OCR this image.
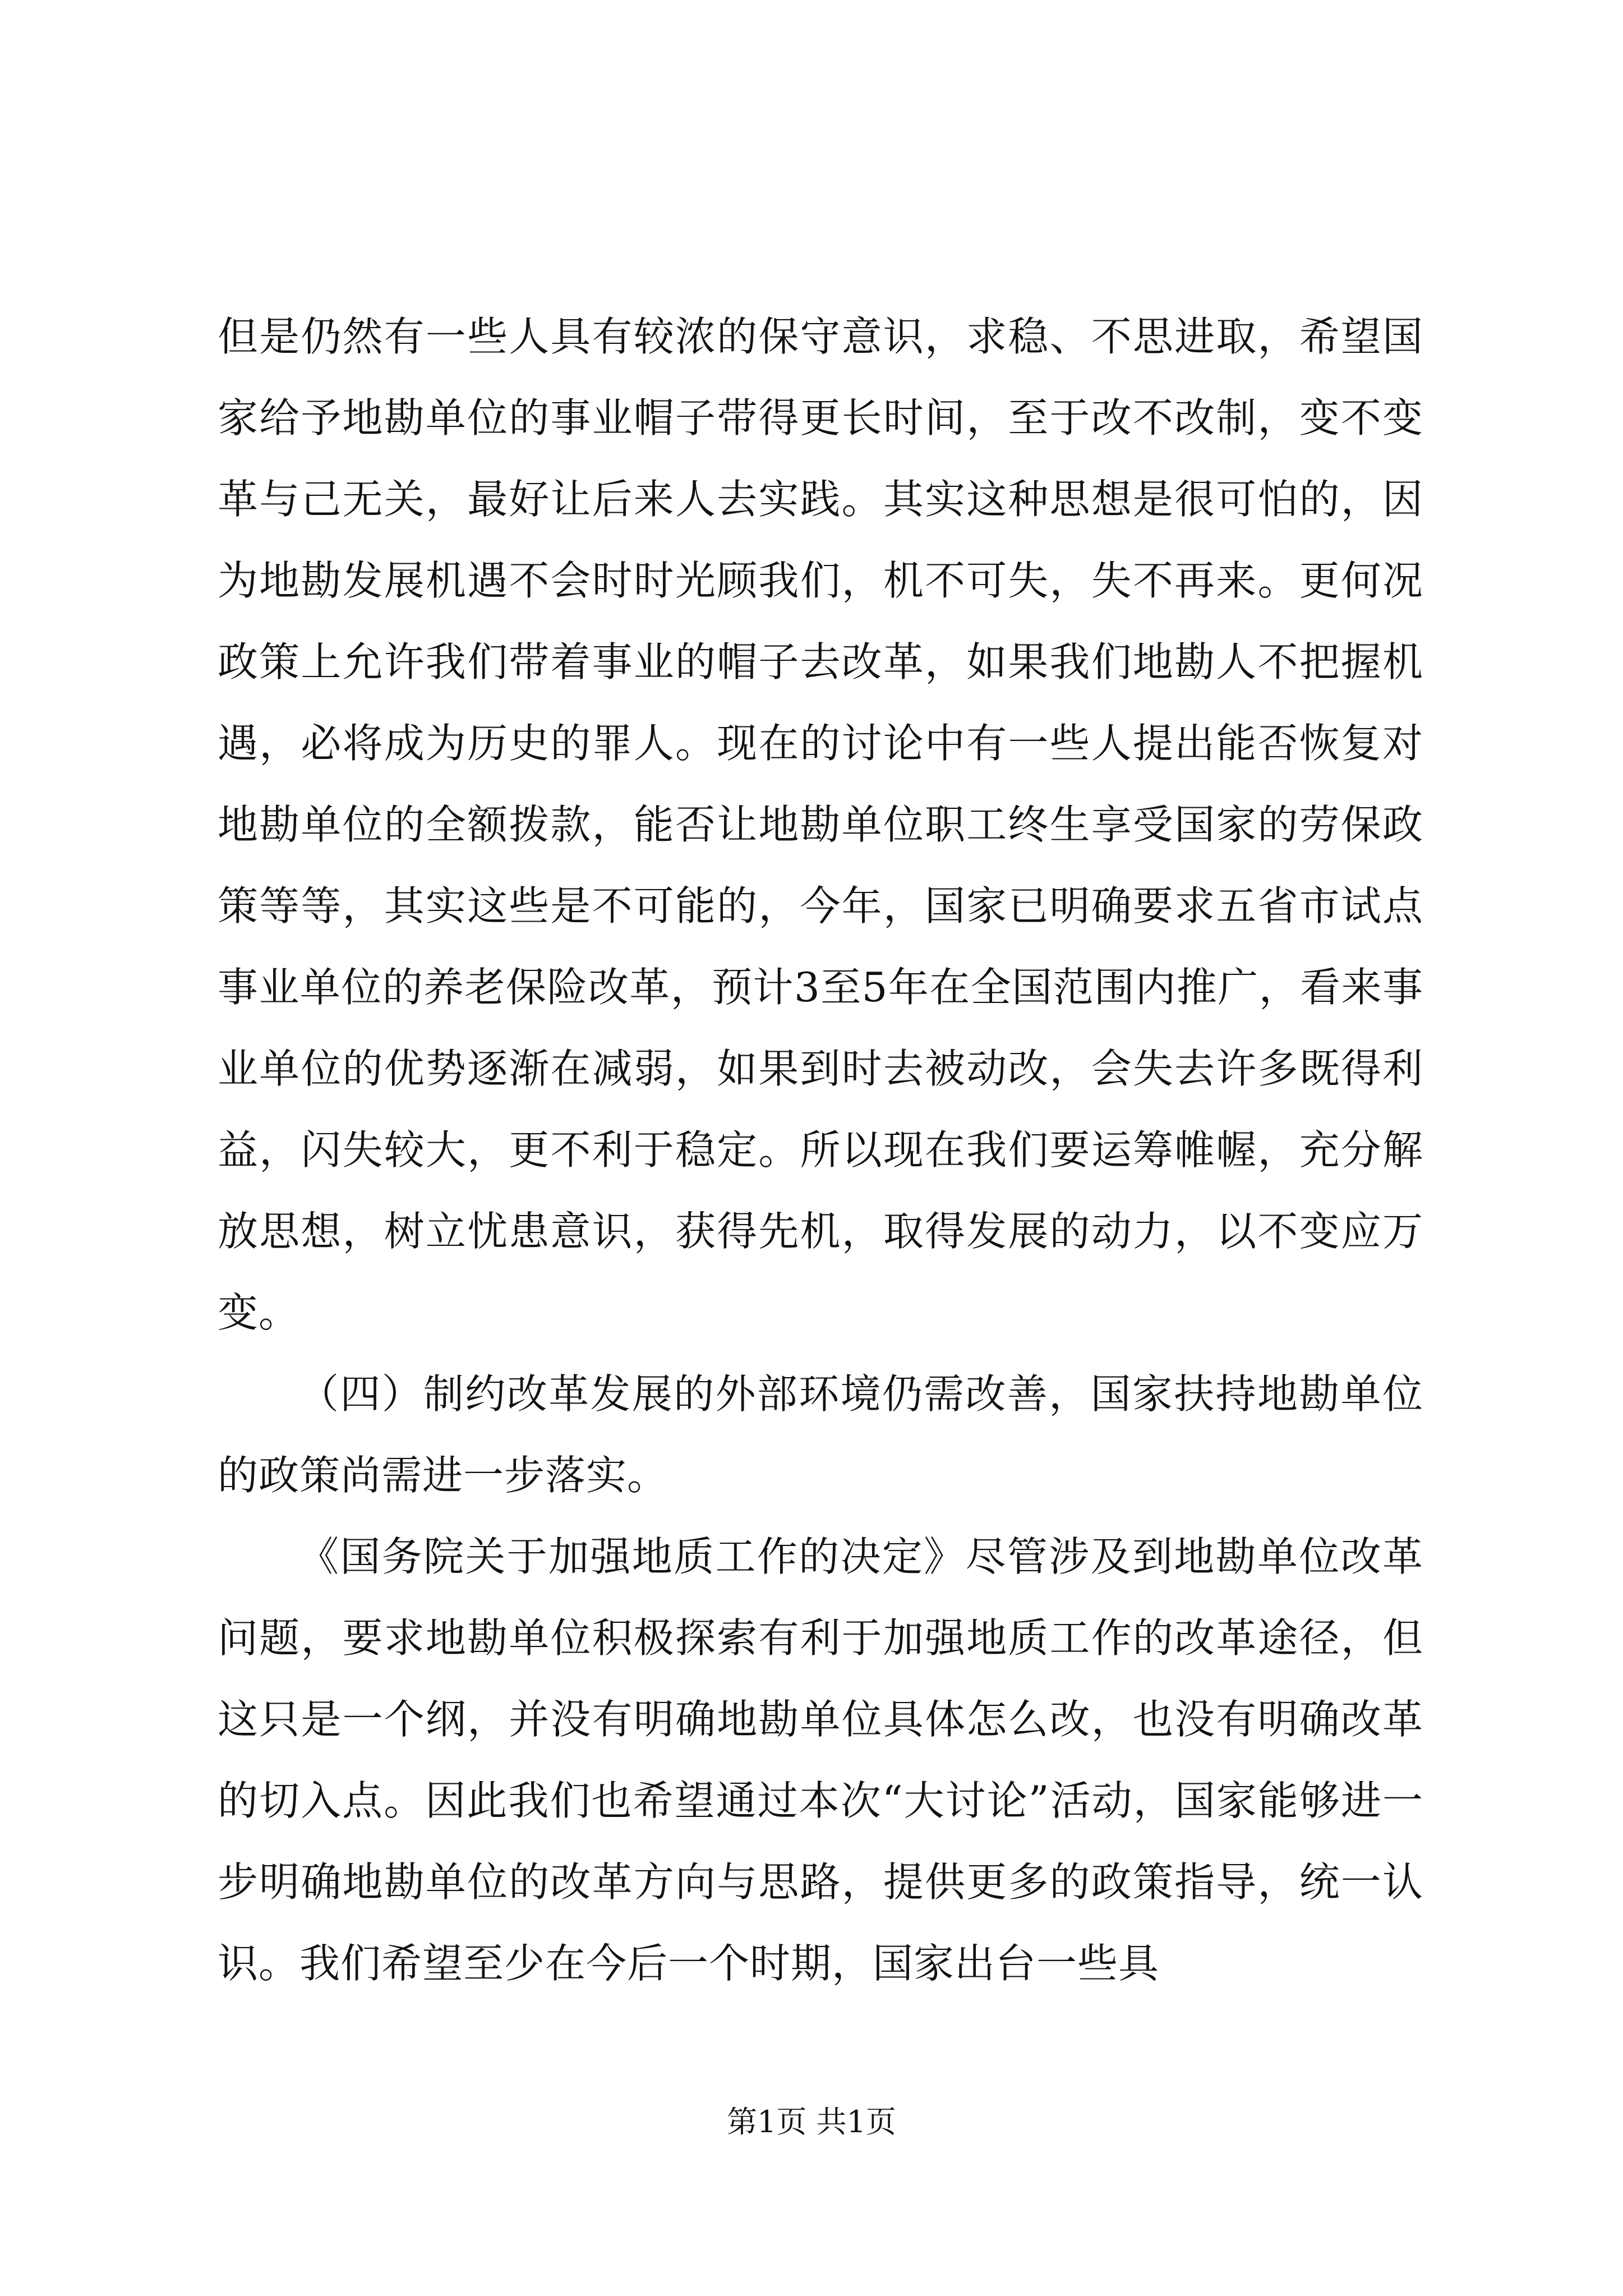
但是仍然有一些人具有较浓的保守意识，求稳、不思进取，希望国家给予地勘单位的事业帽子带得更长时间，至于改不改制，变不变革与己无关，最好让后来人去实践。其实这种思想是很可怕的，因为地勘发展机遇不会时时光顾我们，机不可失，失不再来。更何况政策上允许我们带着事业的帽子去改革，如果我们地勘人不把握机遇，必将成为历史的罪人。现在的讨论中有一些人提出能否恢复对地勘单位的全额拨款，能否让地勘单位职工终生享受国家的劳保政策等等，其实这些是不可能的，今年，国家已明确要求五省市试点事业单位的养老保险改革，预计3至5年在全国范围内推广，看来事业单位的优势逐渐在减弱，如果到时去被动改，会失去许多既得利益，闪失较大，更不利于稳定。所以现在我们要运筹帷幄，充分解放思想，树立忧患意识，获得先机，取得发展的动力，以不变应万变。

（四）制约改革发展的外部环境仍需改善，国家扶持地勘单位的政策尚需进一步落实。

《国务院关于加强地质工作的决定》尽管涉及到地勘单位改革问题，要求地勘单位积极探索有利于加强地质工作的改革途径，但这只是一个纲，并没有明确地勘单位具体怎么改，也没有明确改革的切入点。因此我们也希望通过本次“大讨论”活动，国家能够进一步明确地勘单位的改革方向与思路，提供更多的政策指导，统一认识。我们希望至少在今后一个时期，国家出台一些具

第1页 共1页
